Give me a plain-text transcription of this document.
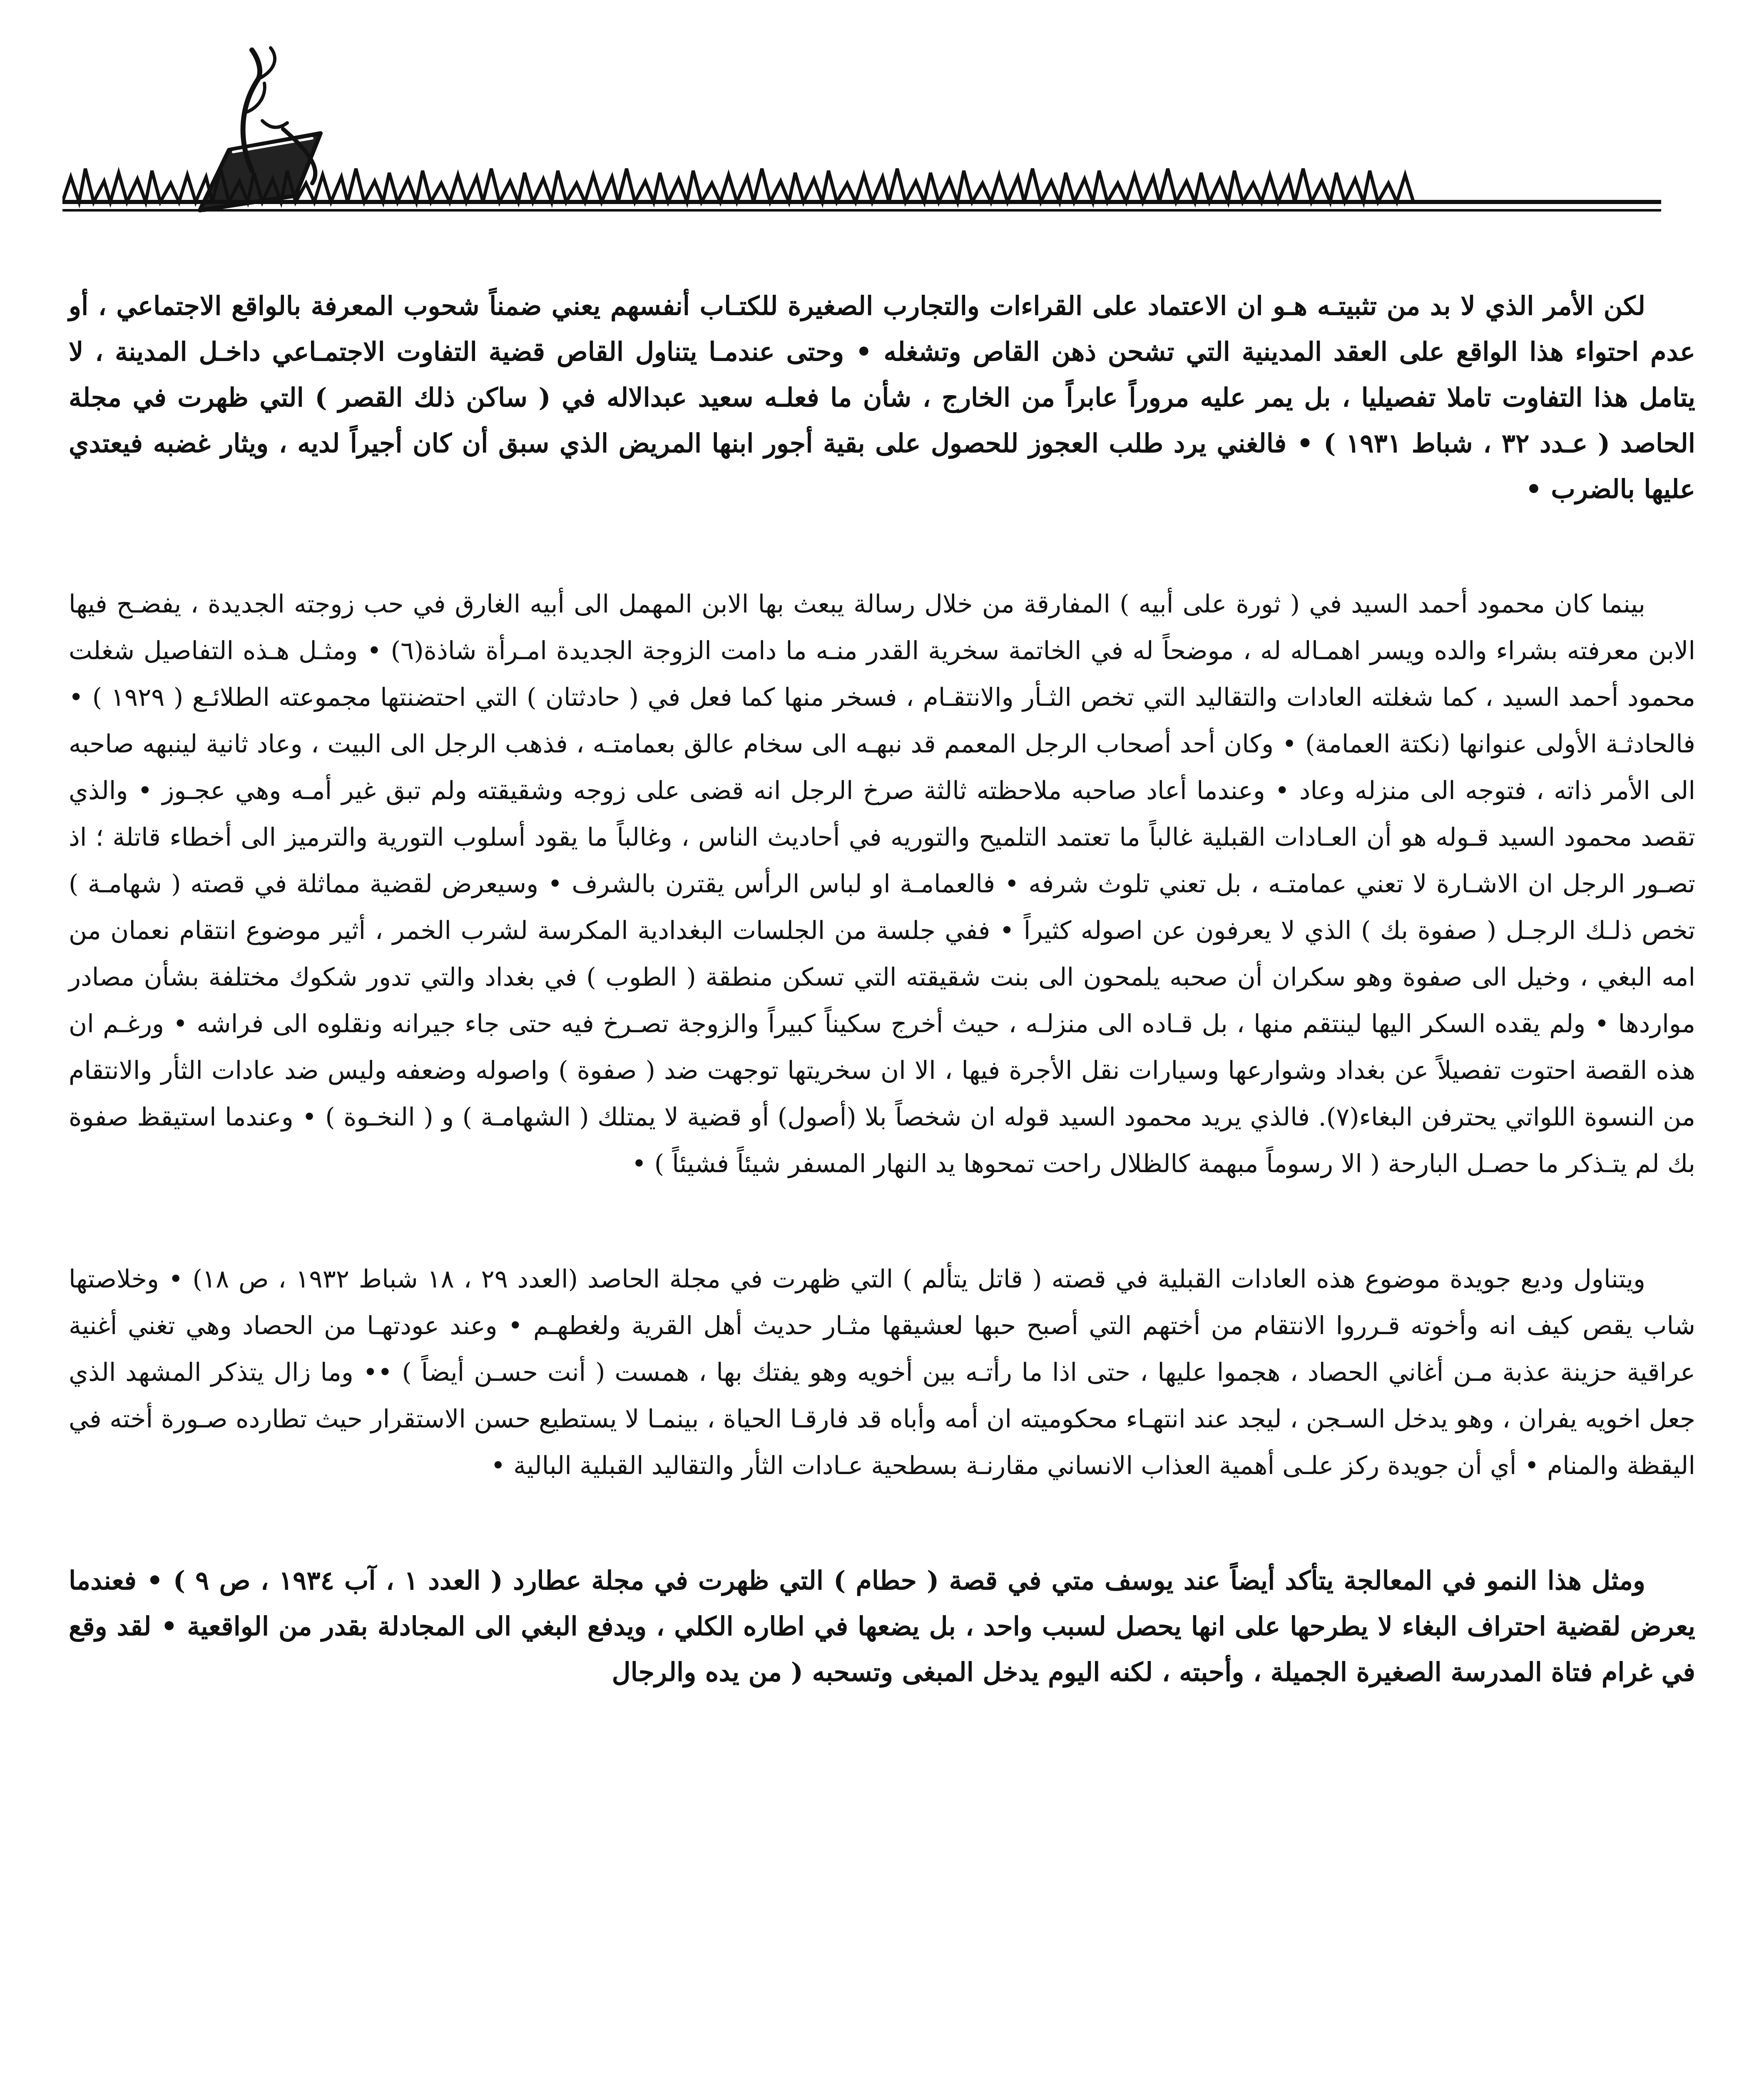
لكن الأمر الذي لا بد من تثبيتـه هـو ان الاعتماد على القراءات والتجارب الصغيرة للكتـاب أنفسهم يعني ضمناً شحوب المعرفة بالواقع الاجتماعي ، أو عدم احتواء هذا الواقع على العقد المدينية التي تشحن ذهن القاص وتشغله • وحتى عندمـا يتناول القاص قضية التفاوت الاجتمـاعي داخـل المدينة ، لا يتامل هذا التفاوت تاملا تفصيليا ، بل يمر عليه مروراً عابراً من الخارج ، شأن ما فعلـه سعيد عبدالاله في ( ساكن ذلك القصر ) التي ظهرت في مجلة الحاصد ( عـدد ٣٢ ، شباط ١٩٣١ ) • فالغني يرد طلب العجوز للحصول على بقية أجور ابنها المريض الذي سبق أن كان أجيراً لديه ، ويثار غضبه فيعتدي عليها بالضرب •

بينما كان محمود أحمد السيد في ( ثورة على أبيه ) المفارقة من خلال رسالة يبعث بها الابن المهمل الى أبيه الغارق في حب زوجته الجديدة ، يفضـح فيها الابن معرفته بشراء والده ويسر اهمـاله له ، موضحاً له في الخاتمة سخرية القدر منـه ما دامت الزوجة الجديدة امـرأة شاذة(٦) • ومثـل هـذه التفاصيل شغلت محمود أحمد السيد ، كما شغلته العادات والتقاليد التي تخص الثـأر والانتقـام ، فسخر منها كما فعل في ( حادثتان ) التي احتضنتها مجموعته الطلائـع ( ١٩٢٩ ) • فالحادثـة الأولى عنوانها (نكتة العمامة) • وكان أحد أصحاب الرجل المعمم قد نبهـه الى سخام عالق بعمامتـه ، فذهب الرجل الى البيت ، وعاد ثانية لينبهه صاحبه الى الأمر ذاته ، فتوجه الى منزله وعاد • وعندما أعاد صاحبه ملاحظته ثالثة صرخ الرجل انه قضى على زوجه وشقيقته ولم تبق غير أمـه وهي عجـوز • والذي تقصد محمود السيد قـوله هو أن العـادات القبلية غالباً ما تعتمد التلميح والتوريه في أحاديث الناس ، وغالباً ما يقود أسلوب التورية والترميز الى أخطاء قاتلة ؛ اذ تصـور الرجل ان الاشـارة لا تعني عمامتـه ، بل تعني تلوث شرفه • فالعمامـة او لباس الرأس يقترن بالشرف • وسيعرض لقضية مماثلة في قصته ( شهامـة ) تخص ذلـك الرجـل ( صفوة بك ) الذي لا يعرفون عن اصوله كثيراً • ففي جلسة من الجلسات البغدادية المكرسة لشرب الخمر ، أثير موضوع انتقام نعمان من امه البغي ، وخيل الى صفوة وهو سكران أن صحبه يلمحون الى بنت شقيقته التي تسكن منطقة ( الطوب ) في بغداد والتي تدور شكوك مختلفة بشأن مصادر مواردها • ولم يقده السكر اليها لينتقم منها ، بل قـاده الى منزلـه ، حيث أخرج سكيناً كبيراً والزوجة تصـرخ فيه حتى جاء جيرانه ونقلوه الى فراشه • ورغـم ان هذه القصة احتوت تفصيلاً عن بغداد وشوارعها وسيارات نقل الأجرة فيها ، الا ان سخريتها توجهت ضد ( صفوة ) واصوله وضعفه وليس ضد عادات الثأر والانتقام من النسوة اللواتي يحترفن البغاء(٧). فالذي يريد محمود السيد قوله ان شخصاً بلا (أصول) أو قضية لا يمتلك ( الشهامـة ) و ( النخـوة ) • وعندما استيقظ صفوة بك لم يتـذكر ما حصـل البارحة ( الا رسوماً مبهمة كالظلال راحت تمحوها يد النهار المسفر شيئاً فشيئاً ) •

ويتناول وديع جويدة موضوع هذه العادات القبلية في قصته ( قاتل يتألم ) التي ظهرت في مجلة الحاصد (العدد ٢٩ ، ١٨ شباط ١٩٣٢ ، ص ١٨) • وخلاصتها شاب يقص كيف انه وأخوته قـرروا الانتقام من أختهم التي أصبح حبها لعشيقها مثـار حديث أهل القرية ولغطهـم • وعند عودتهـا من الحصاد وهي تغني أغنية عراقية حزينة عذبة مـن أغاني الحصاد ، هجموا عليها ، حتى اذا ما رأتـه بين أخويه وهو يفتك بها ، همست ( أنت حسـن أيضاً ) •• وما زال يتذكر المشهد الذي جعل اخويه يفران ، وهو يدخل السـجن ، ليجد عند انتهـاء محكوميته ان أمه وأباه قد فارقـا الحياة ، بينمـا لا يستطيع حسن الاستقرار حيث تطارده صـورة أخته في اليقظة والمنام • أي أن جويدة ركز علـى أهمية العذاب الانساني مقارنـة بسطحية عـادات الثأر والتقاليد القبلية البالية •

ومثل هذا النمو في المعالجة يتأكد أيضاً عند يوسف متي في قصة ( حطام ) التي ظهرت في مجلة عطارد ( العدد ١ ، آب ١٩٣٤ ، ص ٩ ) • فعندما يعرض لقضية احتراف البغاء لا يطرحها على انها يحصل لسبب واحد ، بل يضعها في اطاره الكلي ، ويدفع البغي الى المجادلة بقدر من الواقعية • لقد وقع في غرام فتاة المدرسة الصغيرة الجميلة ، وأحبته ، لكنه اليوم يدخل المبغى وتسحبه ( من يده والرجال
